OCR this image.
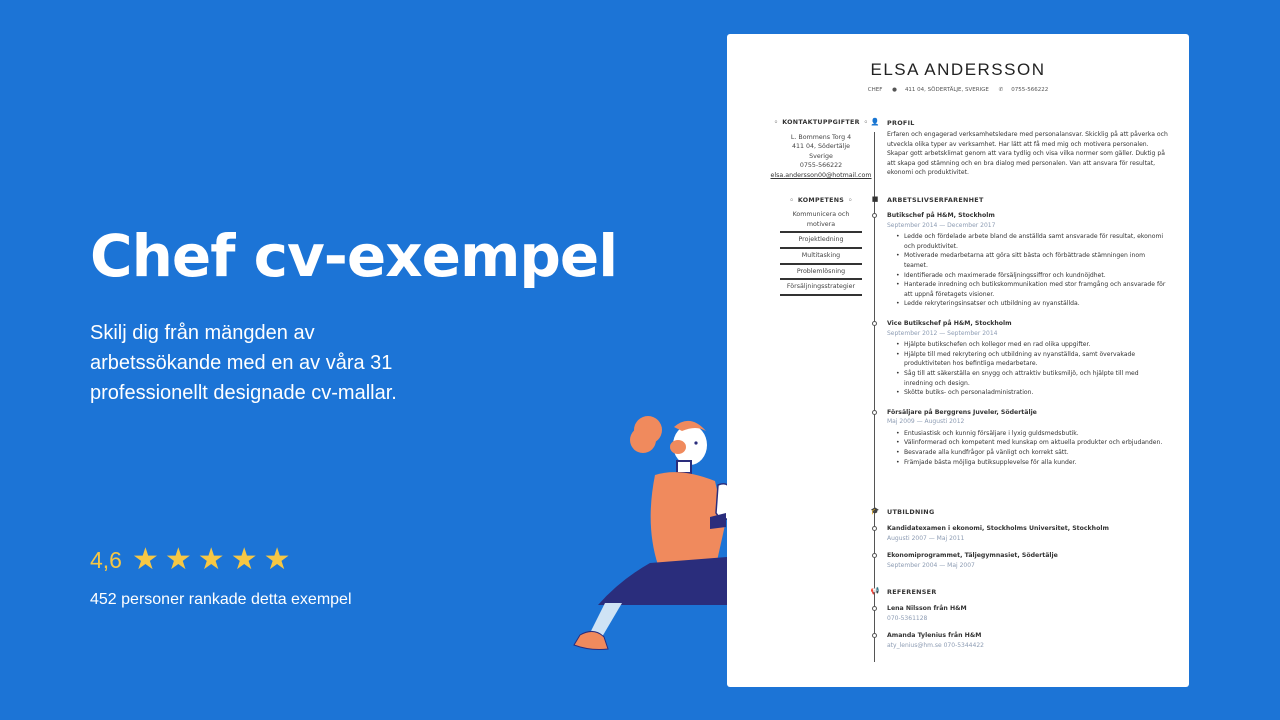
Chef cv-exempel
Skilj dig från mängden av arbetssökande med en av våra 31 professionellt designade cv-mallar.
4,6 ★ ★ ★ ★ ★
452 personer rankade detta exempel
ELSA ANDERSSON
CHEF ● 411 04, SÖDERTÄLJE, SVERIGE ✆ 0755-566222
◦ KONTAKTUPPGIFTER ◦
L. Bommens Torg 4
411 04, Södertälje
Sverige
0755-566222
elsa.andersson00@hotmail.com
◦ KOMPETENS ◦
Kommunicera och motivera
Projektledning
Multitasking
Problemlösning
Försäljningsstrategier
👤 PROFIL
Erfaren och engagerad verksamhetsledare med personalansvar. Skicklig på att påverka och utveckla olika typer av verksamhet. Har lätt att få med mig och motivera personalen. Skapar gott arbetsklimat genom att vara tydlig och visa vilka normer som gäller. Duktig på att skapa god stämning och en bra dialog med personalen. Van att ansvara för resultat, ekonomi och produktivitet.
■ ARBETSLIVSERFARENHET
Butikschef på H&M, Stockholm
September 2014 — December 2017
• Ledde och fördelade arbete bland de anställda samt ansvarade för resultat, ekonomi och produktivitet.
• Motiverade medarbetarna att göra sitt bästa och förbättrade stämningen inom teamet.
• Identifierade och maximerade försäljningssiffror och kundnöjdhet.
• Hanterade inredning och butikskommunikation med stor framgång och ansvarade för att uppnå företagets visioner.
• Ledde rekryteringsinsatser och utbildning av nyanställda.
Vice Butikschef på H&M, Stockholm
September 2012 — September 2014
• Hjälpte butikschefen och kollegor med en rad olika uppgifter.
• Hjälpte till med rekrytering och utbildning av nyanställda, samt övervakade produktiviteten hos befintliga medarbetare.
• Såg till att säkerställa en snygg och attraktiv butiksmiljö, och hjälpte till med inredning och design.
• Skötte butiks- och personaladministration.
Försäljare på Berggrens Juveler, Södertälje
Maj 2009 — Augusti 2012
• Entusiastisk och kunnig försäljare i lyxig guldsmedsbutik.
• Välinformerad och kompetent med kunskap om aktuella produkter och erbjudanden.
• Besvarade alla kundfrågor på vänligt och korrekt sätt.
• Främjade bästa möjliga butiksupplevelse för alla kunder.
🎓 UTBILDNING
Kandidatexamen i ekonomi, Stockholms Universitet, Stockholm
Augusti 2007 — Maj 2011
Ekonomiprogrammet, Täljegymnasiet, Södertälje
September 2004 — Maj 2007
📢 REFERENSER
Lena Nilsson från H&M
070-5361128
Amanda Tylenius från H&M
aty_lenius@hm.se 070-5344422
